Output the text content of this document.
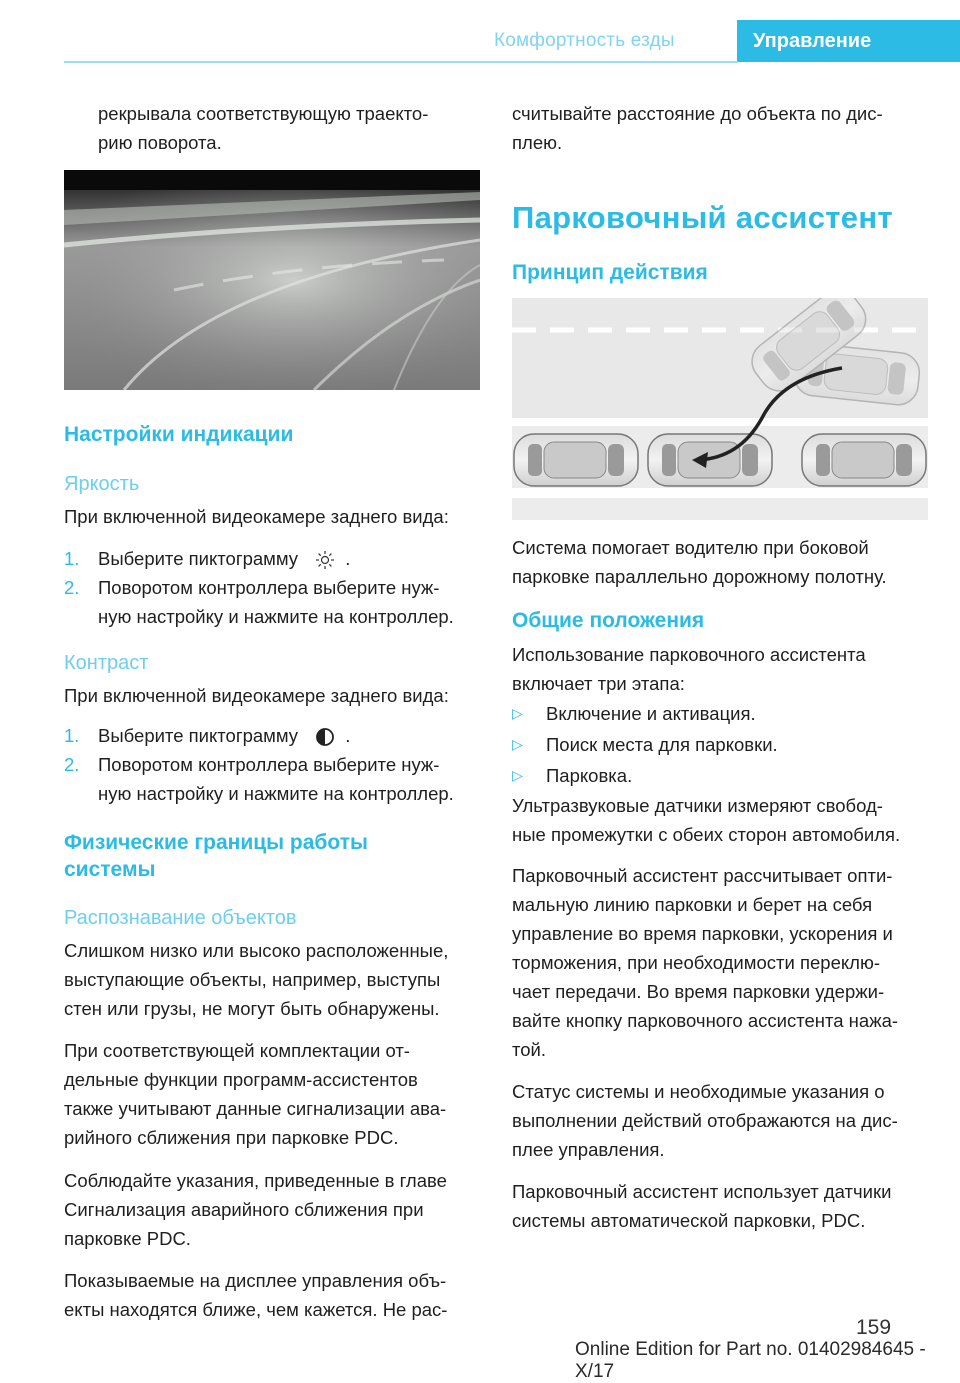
Комфортность езды	Управление

рекрывала соответствующую траекто-

рию поворота.

Настройки индикации

Яркость

При включенной видеокамере заднего вида:

1.	Выберите пиктограмму	.
2.	Поворотом контроллера выберите нуж-
ную настройку и нажмите на контроллер.

Контраст

При включенной видеокамере заднего вида:

1.	Выберите пиктограмму	.
2.	Поворотом контроллера выберите нуж-
ную настройку и нажмите на контроллер.

Физические границы работы

системы

Распознавание объектов

Слишком низко или высоко расположенные,

выступающие объекты, например, выступы

стен или грузы, не могут быть обнаружены.

При соответствующей комплектации от-

дельные функции программ-ассистентов

также учитывают данные сигнализации ава-

рийного сближения при парковке PDC.

Соблюдайте указания, приведенные в главе

Сигнализация аварийного сближения при

парковке PDC.

Показываемые на дисплее управления объ-

екты находятся ближе, чем кажется. Не рас-

считывайте расстояние до объекта по дис-

плею.

Парковочный ассистент

Принцип действия

Система помогает водителю при боковой

парковке параллельно дорожному полотну.

Общие положения

Использование парковочного ассистента

включает три этапа:

▷ Включение и активация.
▷ Поиск места для парковки.
▷ Парковка.

Ультразвуковые датчики измеряют свобод-

ные промежутки с обеих сторон автомобиля.

Парковочный ассистент рассчитывает опти-

мальную линию парковки и берет на себя

управление во время парковки, ускорения и

торможения, при необходимости переклю-

чает передачи. Во время парковки удержи-

вайте кнопку парковочного ассистента нажа-

той.

Статус системы и необходимые указания о

выполнении действий отображаются на дис-

плее управления.

Парковочный ассистент использует датчики

системы автоматической парковки, PDC.

159
Online Edition for Part no. 01402984645 - X/17
